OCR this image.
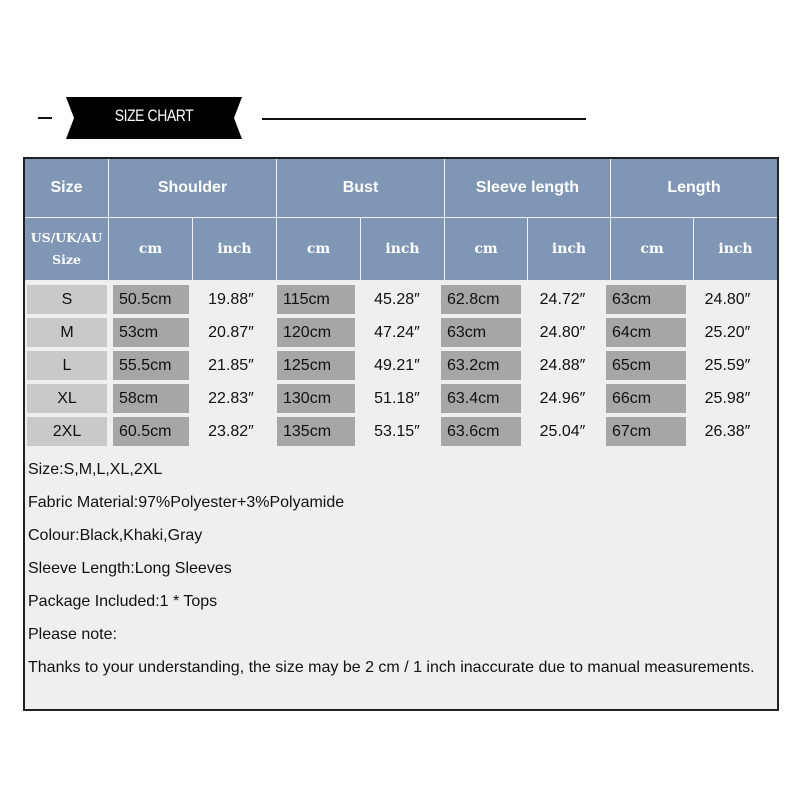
SIZE CHART
Size	Shoulder	Bust	Sleeve length	Length
US/UK/AU
Size
cm	inch	cm	inch	cm	inch	cm	inch
S	50.5cm	19.88″	115cm	45.28″	62.8cm	24.72″	63cm	24.80″
M	53cm	20.87″	120cm	47.24″	63cm	24.80″	64cm	25.20″
L	55.5cm	21.85″	125cm	49.21″	63.2cm	24.88″	65cm	25.59″
XL	58cm	22.83″	130cm	51.18″	63.4cm	24.96″	66cm	25.98″
2XL	60.5cm	23.82″	135cm	53.15″	63.6cm	25.04″	67cm	26.38″
Size:S,M,L,XL,2XL
Fabric Material:97%Polyester+3%Polyamide
Colour:Black,Khaki,Gray
Sleeve Length:Long Sleeves
Package Included:1 * Tops
Please note:
Thanks to your understanding, the size may be 2 cm / 1 inch inaccurate due to manual measurements.
